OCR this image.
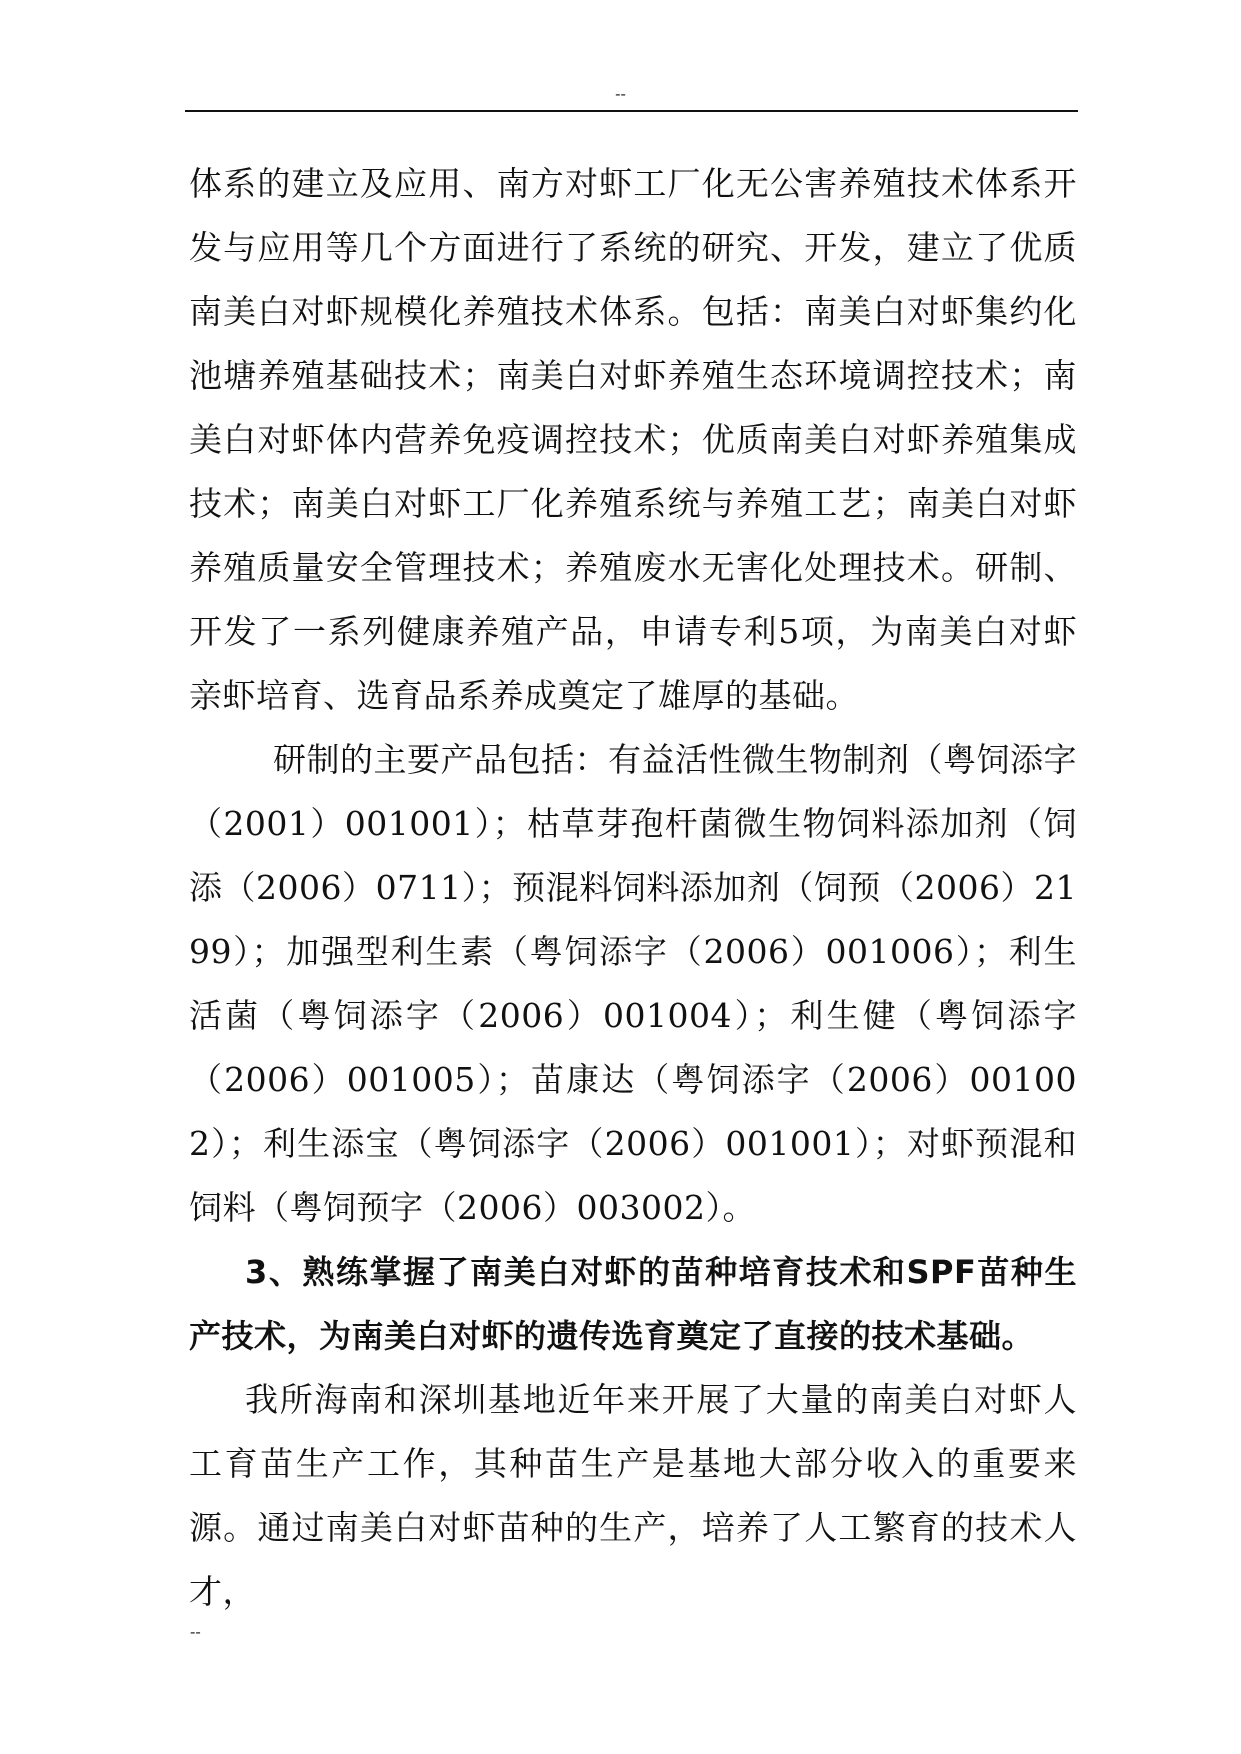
--

体系的建立及应用、南方对虾工厂化无公害养殖技术体系开发与应用等几个方面进行了系统的研究、开发，建立了优质南美白对虾规模化养殖技术体系。包括：南美白对虾集约化池塘养殖基础技术；南美白对虾养殖生态环境调控技术；南美白对虾体内营养免疫调控技术；优质南美白对虾养殖集成技术；南美白对虾工厂化养殖系统与养殖工艺；南美白对虾养殖质量安全管理技术；养殖废水无害化处理技术。研制、开发了一系列健康养殖产品，申请专利5项，为南美白对虾亲虾培育、选育品系养成奠定了雄厚的基础。

研制的主要产品包括：有益活性微生物制剂（粤饲添字（2001）001001）；枯草芽孢杆菌微生物饲料添加剂（饲添（2006）0711）；预混料饲料添加剂（饲预（2006）2199）；加强型利生素（粤饲添字（2006）001006）；利生活菌（粤饲添字（2006）001004）；利生健（粤饲添字（2006）001005）；苗康达（粤饲添字（2006）001002）；利生添宝（粤饲添字（2006）001001）；对虾预混和饲料（粤饲预字（2006）003002）。

3、熟练掌握了南美白对虾的苗种培育技术和SPF苗种生产技术，为南美白对虾的遗传选育奠定了直接的技术基础。

我所海南和深圳基地近年来开展了大量的南美白对虾人工育苗生产工作，其种苗生产是基地大部分收入的重要来源。通过南美白对虾苗种的生产，培养了人工繁育的技术人才，

--
